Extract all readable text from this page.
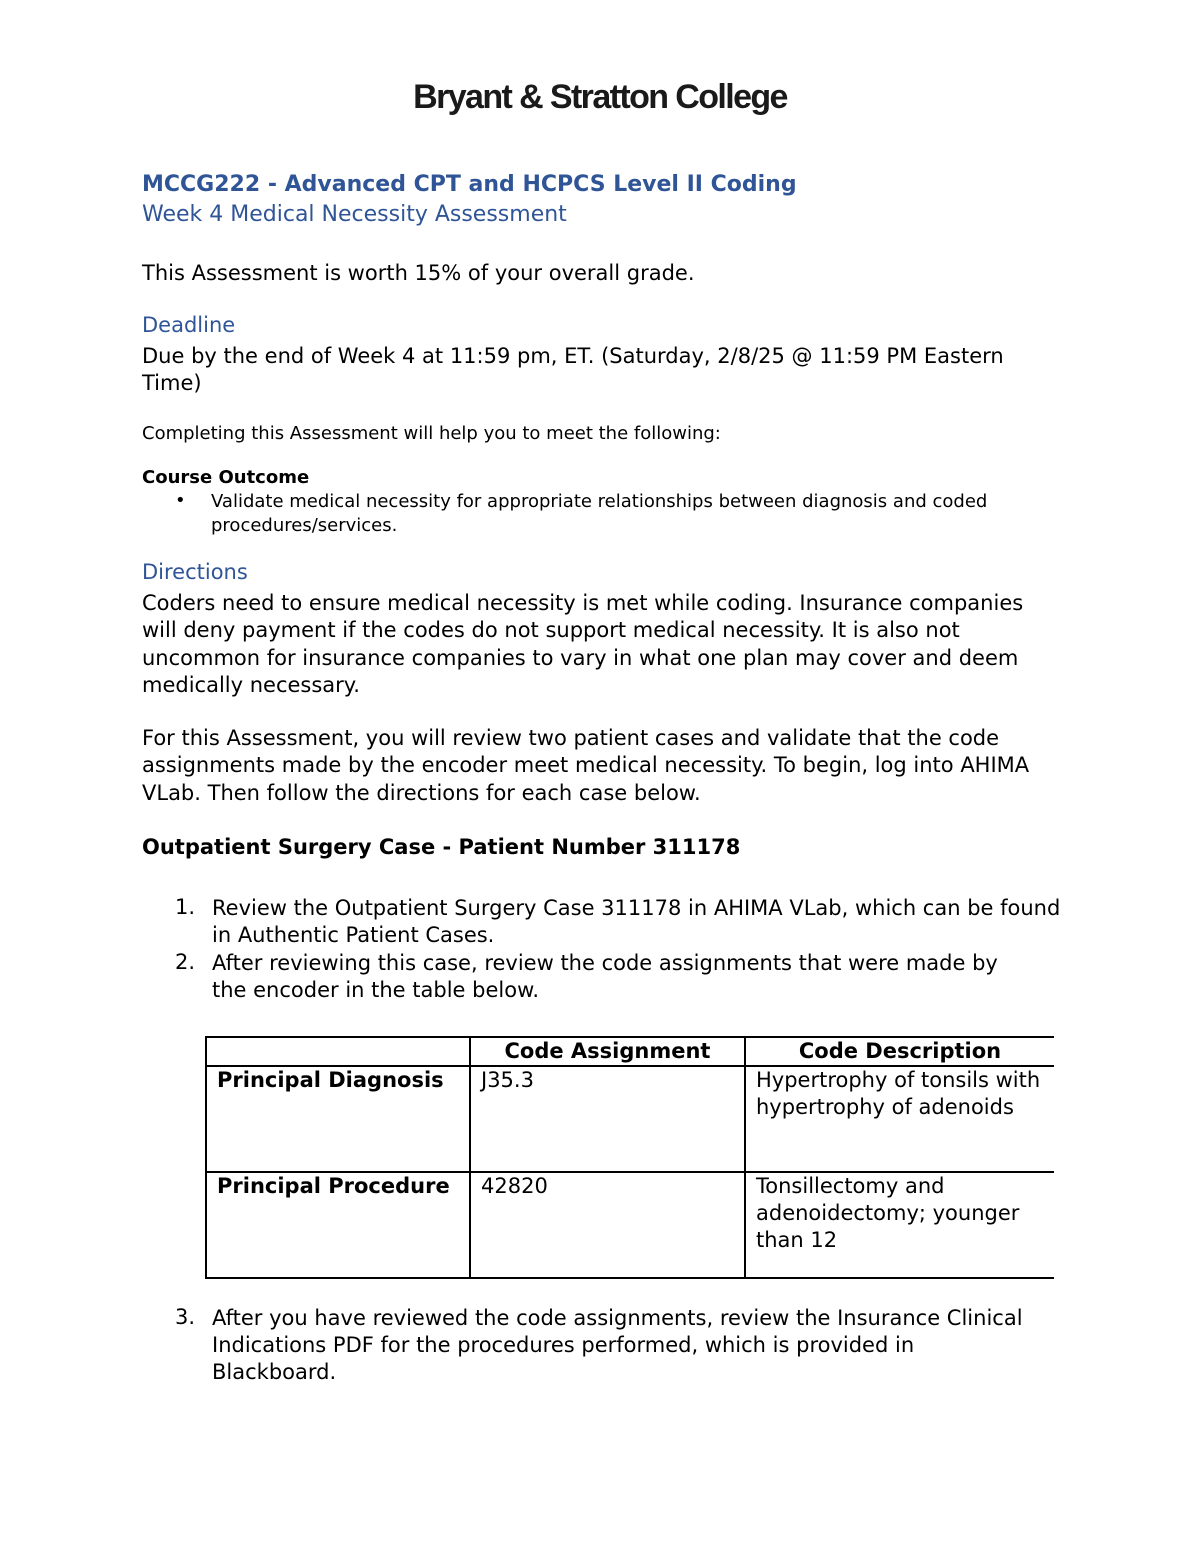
Bryant & Stratton College
MCCG222 - Advanced CPT and HCPCS Level II Coding
Week 4 Medical Necessity Assessment
This Assessment is worth 15% of your overall grade.
Deadline
Due by the end of Week 4 at 11:59 pm, ET. (Saturday, 2/8/25 @ 11:59 PM Eastern Time)
Completing this Assessment will help you to meet the following:
Course Outcome
• Validate medical necessity for appropriate relationships between diagnosis and coded procedures/services.
Directions
Coders need to ensure medical necessity is met while coding. Insurance companies will deny payment if the codes do not support medical necessity. It is also not uncommon for insurance companies to vary in what one plan may cover and deem medically necessary.
For this Assessment, you will review two patient cases and validate that the code assignments made by the encoder meet medical necessity. To begin, log into AHIMA VLab. Then follow the directions for each case below.
Outpatient Surgery Case - Patient Number 311178
1. Review the Outpatient Surgery Case 311178 in AHIMA VLab, which can be found in Authentic Patient Cases.
2. After reviewing this case, review the code assignments that were made by the encoder in the table below.
	Code Assignment	Code Description
Principal Diagnosis	J35.3	Hypertrophy of tonsils with hypertrophy of adenoids
Principal Procedure	42820	Tonsillectomy and adenoidectomy; younger than 12
3. After you have reviewed the code assignments, review the Insurance Clinical Indications PDF for the procedures performed, which is provided in Blackboard.
